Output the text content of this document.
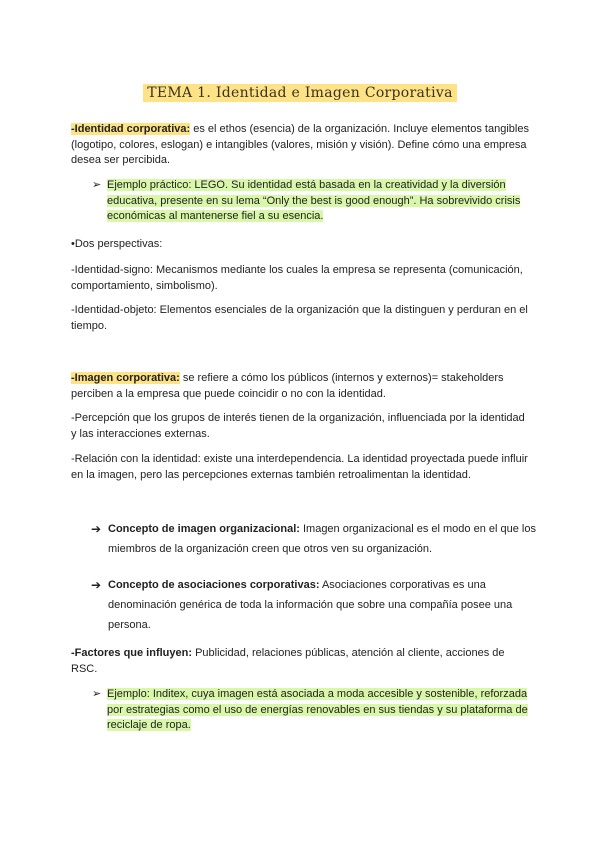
TEMA 1. Identidad e Imagen Corporativa
-Identidad corporativa: es el ethos (esencia) de la organización. Incluye elementos tangibles (logotipo, colores, eslogan) e intangibles (valores, misión y visión). Define cómo una empresa desea ser percibida.
➢ Ejemplo práctico: LEGO. Su identidad está basada en la creatividad y la diversión educativa, presente en su lema “Only the best is good enough”. Ha sobrevivido crisis económicas al mantenerse fiel a su esencia.
•Dos perspectivas:
-Identidad-signo: Mecanismos mediante los cuales la empresa se representa (comunicación, comportamiento, simbolismo).
-Identidad-objeto: Elementos esenciales de la organización que la distinguen y perduran en el tiempo.
-Imagen corporativa: se refiere a cómo los públicos (internos y externos)= stakeholders perciben a la empresa que puede coincidir o no con la identidad.
-Percepción que los grupos de interés tienen de la organización, influenciada por la identidad y las interacciones externas.
-Relación con la identidad: existe una interdependencia. La identidad proyectada puede influir en la imagen, pero las percepciones externas también retroalimentan la identidad.
➔ Concepto de imagen organizacional: Imagen organizacional es el modo en el que los miembros de la organización creen que otros ven su organización.
➔ Concepto de asociaciones corporativas: Asociaciones corporativas es una denominación genérica de toda la información que sobre una compañía posee una persona.
-Factores que influyen: Publicidad, relaciones públicas, atención al cliente, acciones de RSC.
➢ Ejemplo: Inditex, cuya imagen está asociada a moda accesible y sostenible, reforzada por estrategias como el uso de energías renovables en sus tiendas y su plataforma de reciclaje de ropa.
